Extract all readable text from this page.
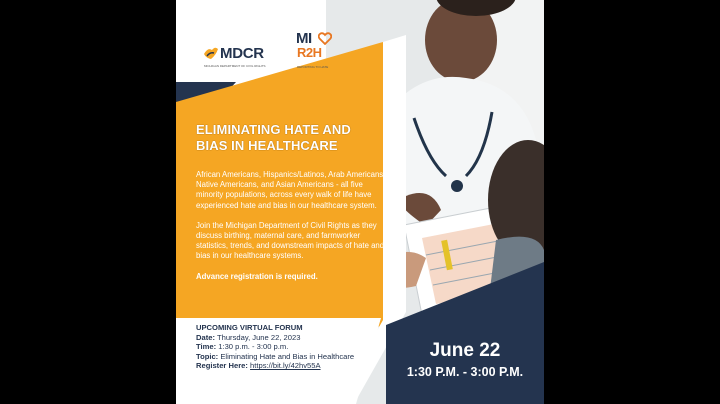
MDCR
MICHIGAN DEPARTMENT OF CIVIL RIGHTS
MI
R2H
REPORTING TO HATE
ELIMINATING HATE AND
BIAS IN HEALTHCARE

African Americans, Hispanics/Latinos, Arab Americans, Native Americans, and Asian Americans - all five minority populations, across every walk of life have experienced hate and bias in our healthcare system.

Join the Michigan Department of Civil Rights as they discuss birthing, maternal care, and farmworker statistics, trends, and downstream impacts of hate and bias in our healthcare systems.

Advance registration is required.

UPCOMING VIRTUAL FORUM
Date: Thursday, June 22, 2023
Time: 1:30 p.m. - 3:00 p.m.
Topic: Eliminating Hate and Bias in Healthcare
Register Here: https://bit.ly/42hv55A
June 22
1:30 P.M. - 3:00 P.M.
